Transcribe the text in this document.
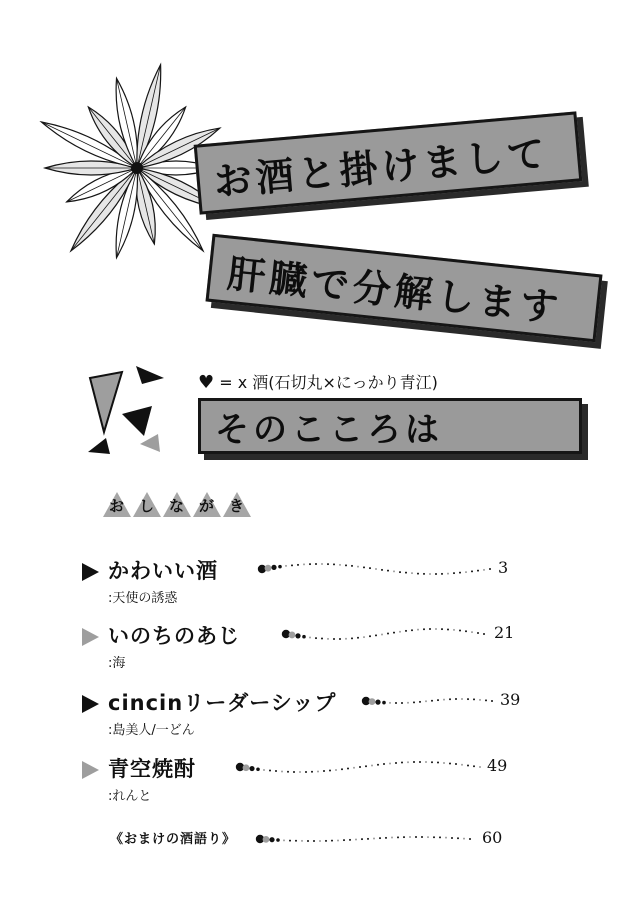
お酒と掛けまして
肝臓で分解します
♥ = x 酒(石切丸×にっかり青江)
そのこころは
お し な が き
かわいい酒
:天使の誘惑
3
いのちのあじ
:海
21
cincinリーダーシップ
:島美人/一どん
39
青空焼酎
:れんと
49
《おまけの酒語り》	60
